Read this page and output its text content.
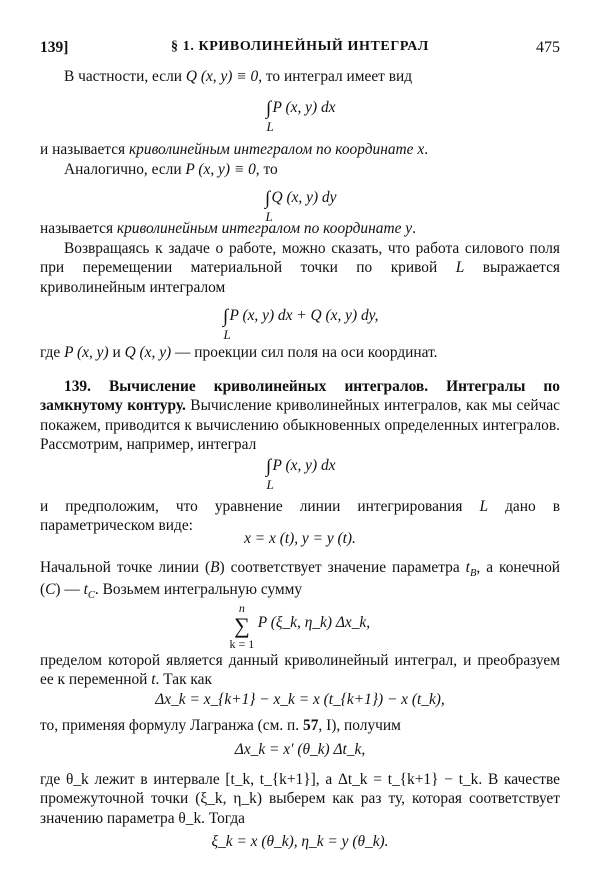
139]	§ 1. КРИВОЛИНЕЙНЫЙ ИНТЕГРАЛ	475
В частности, если Q (x, y) ≡ 0, то интеграл имеет вид
∫
L
P (x, y) dx
и называется криволинейным интегралом по координате x.
Аналогично, если P (x, y) ≡ 0, то
∫
L
Q (x, y) dy
называется криволинейным интегралом по координате y.
Возвращаясь к задаче о работе, можно сказать, что работа силового поля при перемещении материальной точки по кривой L выражается криволинейным интегралом
∫
L
P (x, y) dx + Q (x, y) dy,
где P (x, y) и Q (x, y) — проекции сил поля на оси координат.
139. Вычисление криволинейных интегралов. Интегралы по замкнутому контуру. Вычисление криволинейных интегралов, как мы сейчас покажем, приводится к вычислению обыкновенных определенных интегралов. Рассмотрим, например, интеграл
∫
L
P (x, y) dx
и предположим, что уравнение линии интегрирования L дано в параметрическом виде:
x = x (t), y = y (t).
Начальной точке линии (B) соответствует значение параметра $t_B$, а конечной (C) — $t_C$. Возьмем интегральную сумму
n
∑
k = 1
P (ξ_k, η_k) Δx_k,
пределом которой является данный криволинейный интеграл, и преобразуем ее к переменной t. Так как
Δx_k = x_{k+1} − x_k = x (t_{k+1}) − x (t_k),
то, применяя формулу Лагранжа (см. п. 57, I), получим
Δx_k = x′ (θ_k) Δt_k,
где θ_k лежит в интервале [t_k, t_{k+1}], а Δt_k = t_{k+1} − t_k. В качестве промежуточной точки (ξ_k, η_k) выберем как раз ту, которая соответствует значению параметра θ_k. Тогда
ξ_k = x (θ_k), η_k = y (θ_k).
